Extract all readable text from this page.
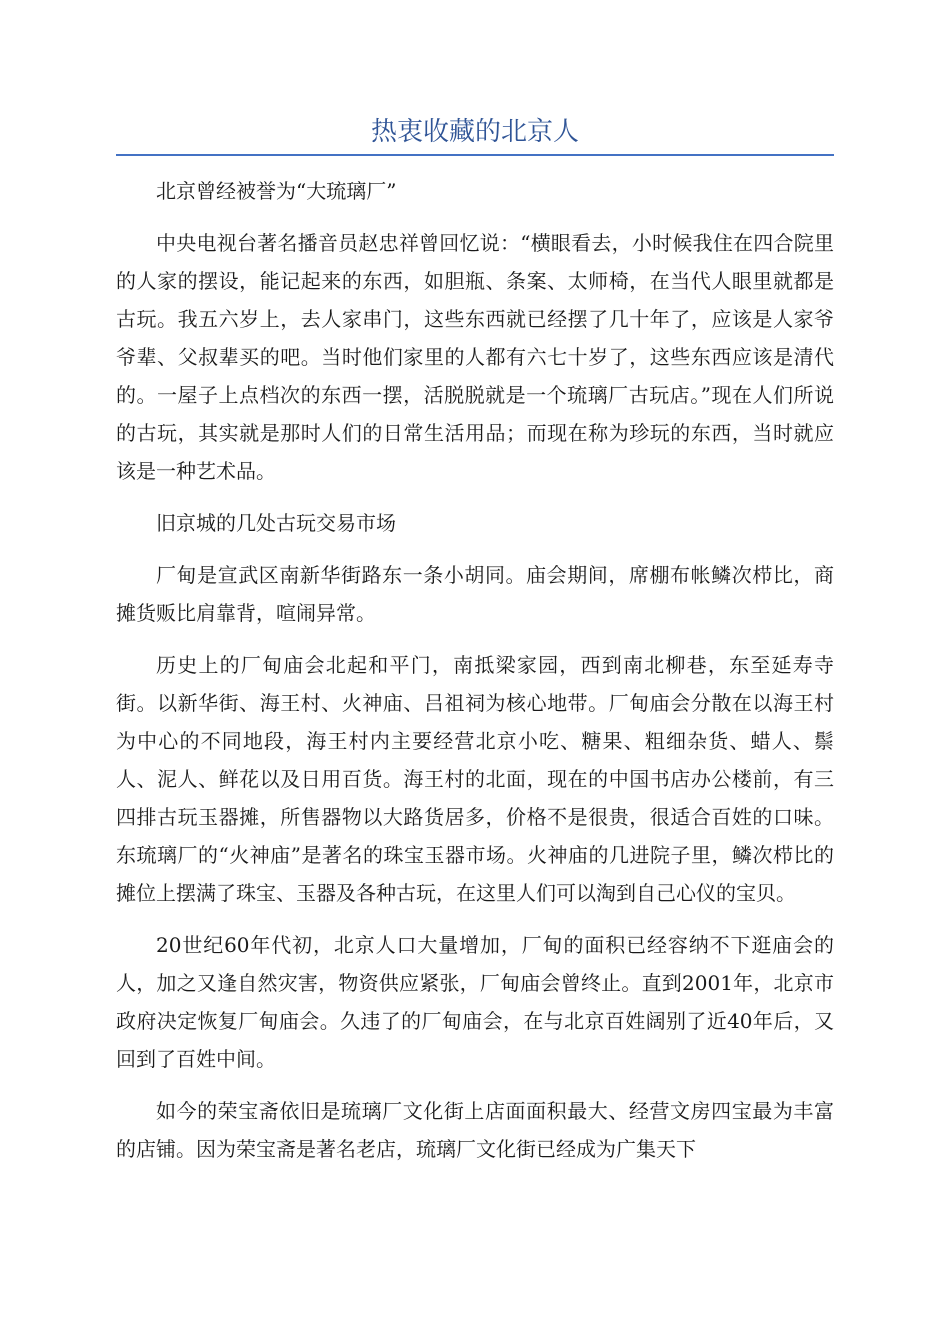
热衷收藏的北京人

北京曾经被誉为“大琉璃厂”

中央电视台著名播音员赵忠祥曾回忆说：“横眼看去，小时候我住在四合院里的人家的摆设，能记起来的东西，如胆瓶、条案、太师椅，在当代人眼里就都是古玩。我五六岁上，去人家串门，这些东西就已经摆了几十年了，应该是人家爷爷辈、父叔辈买的吧。当时他们家里的人都有六七十岁了，这些东西应该是清代的。一屋子上点档次的东西一摆，活脱脱就是一个琉璃厂古玩店。”现在人们所说的古玩，其实就是那时人们的日常生活用品；而现在称为珍玩的东西，当时就应该是一种艺术品。

旧京城的几处古玩交易市场

厂甸是宣武区南新华街路东一条小胡同。庙会期间，席棚布帐鳞次栉比，商摊货贩比肩靠背，喧闹异常。

历史上的厂甸庙会北起和平门，南抵梁家园，西到南北柳巷，东至延寿寺街。以新华街、海王村、火神庙、吕祖祠为核心地带。厂甸庙会分散在以海王村为中心的不同地段，海王村内主要经营北京小吃、糖果、粗细杂货、蜡人、鬃人、泥人、鲜花以及日用百货。海王村的北面，现在的中国书店办公楼前，有三四排古玩玉器摊，所售器物以大路货居多，价格不是很贵，很适合百姓的口味。东琉璃厂的“火神庙”是著名的珠宝玉器市场。火神庙的几进院子里，鳞次栉比的摊位上摆满了珠宝、玉器及各种古玩，在这里人们可以淘到自己心仪的宝贝。

20世纪60年代初，北京人口大量增加，厂甸的面积已经容纳不下逛庙会的人，加之又逢自然灾害，物资供应紧张，厂甸庙会曾终止。直到2001年，北京市政府决定恢复厂甸庙会。久违了的厂甸庙会，在与北京百姓阔别了近40年后，又回到了百姓中间。

如今的荣宝斋依旧是琉璃厂文化街上店面面积最大、经营文房四宝最为丰富的店铺。因为荣宝斋是著名老店，琉璃厂文化街已经成为广集天下
